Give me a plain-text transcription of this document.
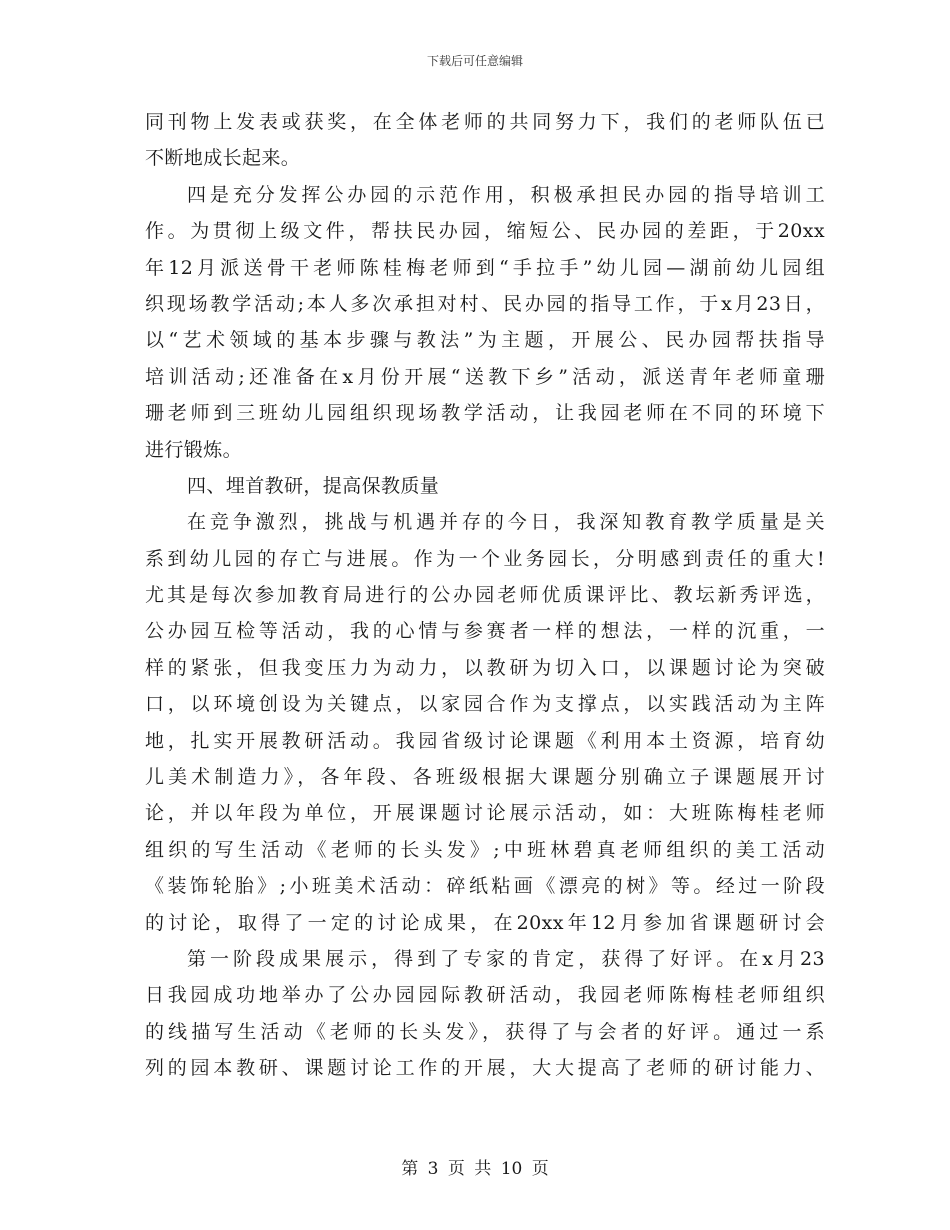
下载后可任意编辑
同刊物上发表或获奖，在全体老师的共同努力下，我们的老师队伍已
不断地成长起来。
四是充分发挥公办园的示范作用，积极承担民办园的指导培训工
作。为贯彻上级文件，帮扶民办园，缩短公、民办园的差距，于20xx
年12月派送骨干老师陈桂梅老师到“手拉手”幼儿园—湖前幼儿园组
织现场教学活动;本人多次承担对村、民办园的指导工作，于x月23日，
以“艺术领域的基本步骤与教法”为主题，开展公、民办园帮扶指导
培训活动;还准备在x月份开展“送教下乡”活动，派送青年老师童珊
珊老师到三班幼儿园组织现场教学活动，让我园老师在不同的环境下
进行锻炼。
四、埋首教研，提高保教质量
在竞争激烈，挑战与机遇并存的今日，我深知教育教学质量是关
系到幼儿园的存亡与进展。作为一个业务园长，分明感到责任的重大!
尤其是每次参加教育局进行的公办园老师优质课评比、教坛新秀评选，
公办园互检等活动，我的心情与参赛者一样的想法，一样的沉重，一
样的紧张，但我变压力为动力，以教研为切入口，以课题讨论为突破
口，以环境创设为关键点，以家园合作为支撑点，以实践活动为主阵
地，扎实开展教研活动。我园省级讨论课题《利用本土资源，培育幼
儿美术制造力》，各年段、各班级根据大课题分别确立子课题展开讨
论，并以年段为单位，开展课题讨论展示活动，如：大班陈梅桂老师
组织的写生活动《老师的长头发》;中班林碧真老师组织的美工活动
《装饰轮胎》;小班美术活动：碎纸粘画《漂亮的树》等。经过一阶段
的讨论，取得了一定的讨论成果，在20xx年12月参加省课题研讨会
第一阶段成果展示，得到了专家的肯定，获得了好评。在x月23
日我园成功地举办了公办园园际教研活动，我园老师陈梅桂老师组织
的线描写生活动《老师的长头发》，获得了与会者的好评。通过一系
列的园本教研、课题讨论工作的开展，大大提高了老师的研讨能力、
第 3 页 共 10 页
